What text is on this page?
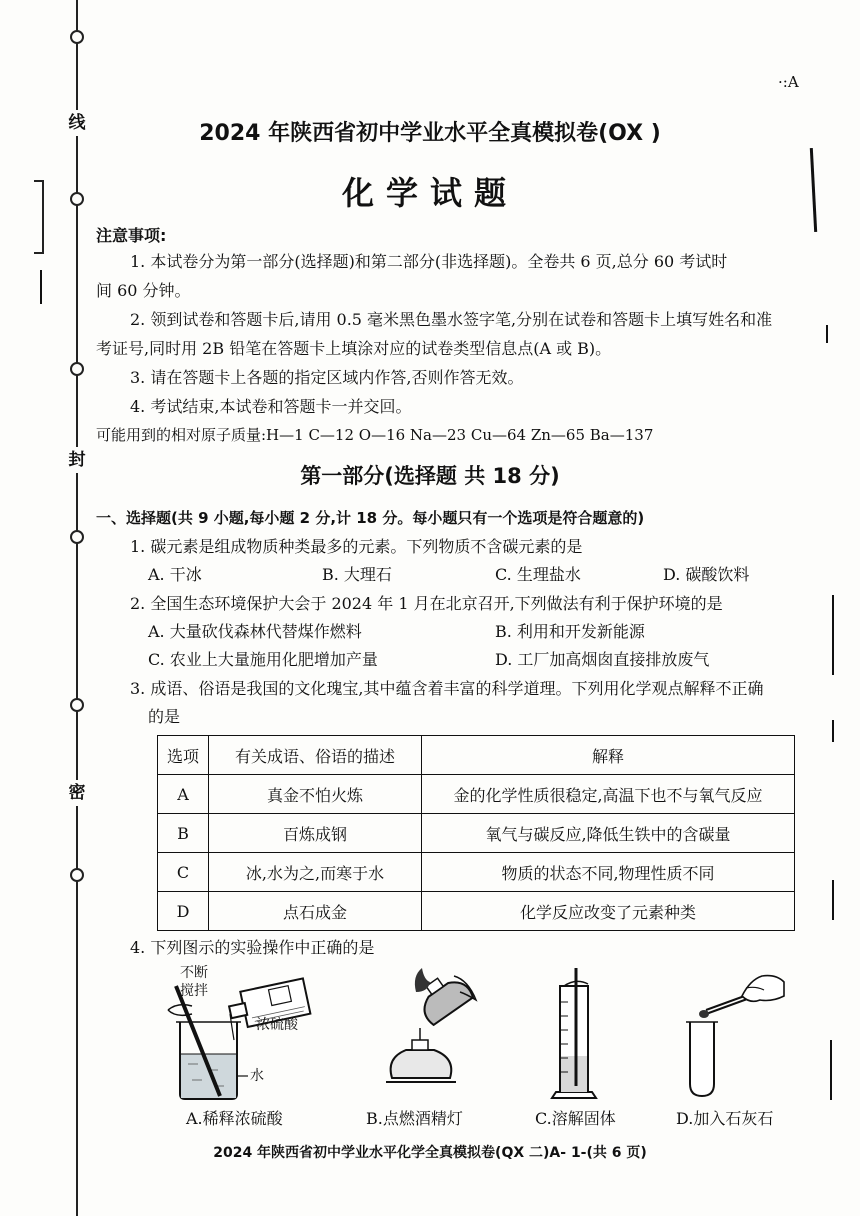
线
封
密
·:A
2024 年陕西省初中学业水平全真模拟卷(OX )
化学试题
注意事项:
1. 本试卷分为第一部分(选择题)和第二部分(非选择题)。全卷共 6 页,总分 60 考试时
间 60 分钟。
2. 领到试卷和答题卡后,请用 0.5 毫米黑色墨水签字笔,分别在试卷和答题卡上填写姓名和准
考证号,同时用 2B 铅笔在答题卡上填涂对应的试卷类型信息点(A 或 B)。
3. 请在答题卡上各题的指定区域内作答,否则作答无效。
4. 考试结束,本试卷和答题卡一并交回。
可能用到的相对原子质量:H—1 C—12 O—16 Na—23 Cu—64 Zn—65 Ba—137
第一部分(选择题 共 18 分)
一、选择题(共 9 小题,每小题 2 分,计 18 分。每小题只有一个选项是符合题意的)
1. 碳元素是组成物质种类最多的元素。下列物质不含碳元素的是
A. 干冰	B. 大理石	C. 生理盐水	D. 碳酸饮料
2. 全国生态环境保护大会于 2024 年 1 月在北京召开,下列做法有利于保护环境的是
A. 大量砍伐森林代替煤作燃料	B. 利用和开发新能源
C. 农业上大量施用化肥增加产量	D. 工厂加高烟囱直接排放废气
3. 成语、俗语是我国的文化瑰宝,其中蕴含着丰富的科学道理。下列用化学观点解释不正确
的是
选项	有关成语、俗语的描述	解释
A	真金不怕火炼	金的化学性质很稳定,高温下也不与氧气反应
B	百炼成钢	氧气与碳反应,降低生铁中的含碳量
C	冰,水为之,而寒于水	物质的状态不同,物理性质不同
D	点石成金	化学反应改变了元素种类
4. 下列图示的实验操作中正确的是
不断
搅拌
浓硫酸
水
A.稀释浓硫酸	B.点燃酒精灯	C.溶解固体	D.加入石灰石
2024 年陕西省初中学业水平化学全真模拟卷(QX 二)A- 1-(共 6 页)
